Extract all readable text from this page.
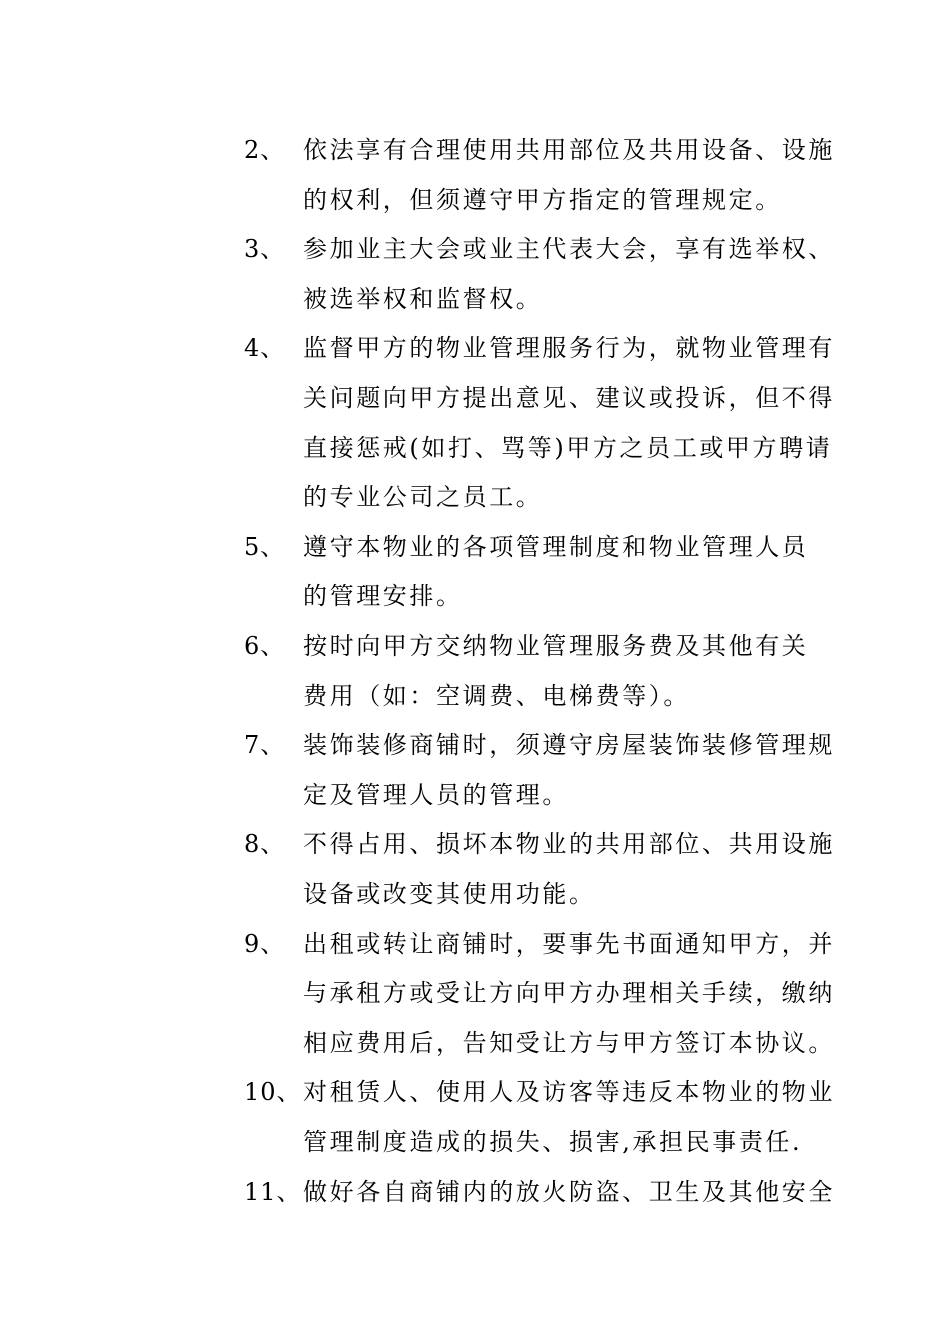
2、 依法享有合理使用共用部位及共用设备、设施
的权利，但须遵守甲方指定的管理规定。
3、 参加业主大会或业主代表大会，享有选举权、
被选举权和监督权。
4、 监督甲方的物业管理服务行为，就物业管理有
关问题向甲方提出意见、建议或投诉，但不得
直接惩戒(如打、骂等)甲方之员工或甲方聘请
的专业公司之员工。
5、 遵守本物业的各项管理制度和物业管理人员
的管理安排。
6、 按时向甲方交纳物业管理服务费及其他有关
费用（如：空调费、电梯费等）。
7、 装饰装修商铺时，须遵守房屋装饰装修管理规
定及管理人员的管理。
8、 不得占用、损坏本物业的共用部位、共用设施
设备或改变其使用功能。
9、 出租或转让商铺时，要事先书面通知甲方，并
与承租方或受让方向甲方办理相关手续，缴纳
相应费用后，告知受让方与甲方签订本协议。
10、 对租赁人、使用人及访客等违反本物业的物业
管理制度造成的损失、损害,承担民事责任.
11、 做好各自商铺内的放火防盗、卫生及其他安全
